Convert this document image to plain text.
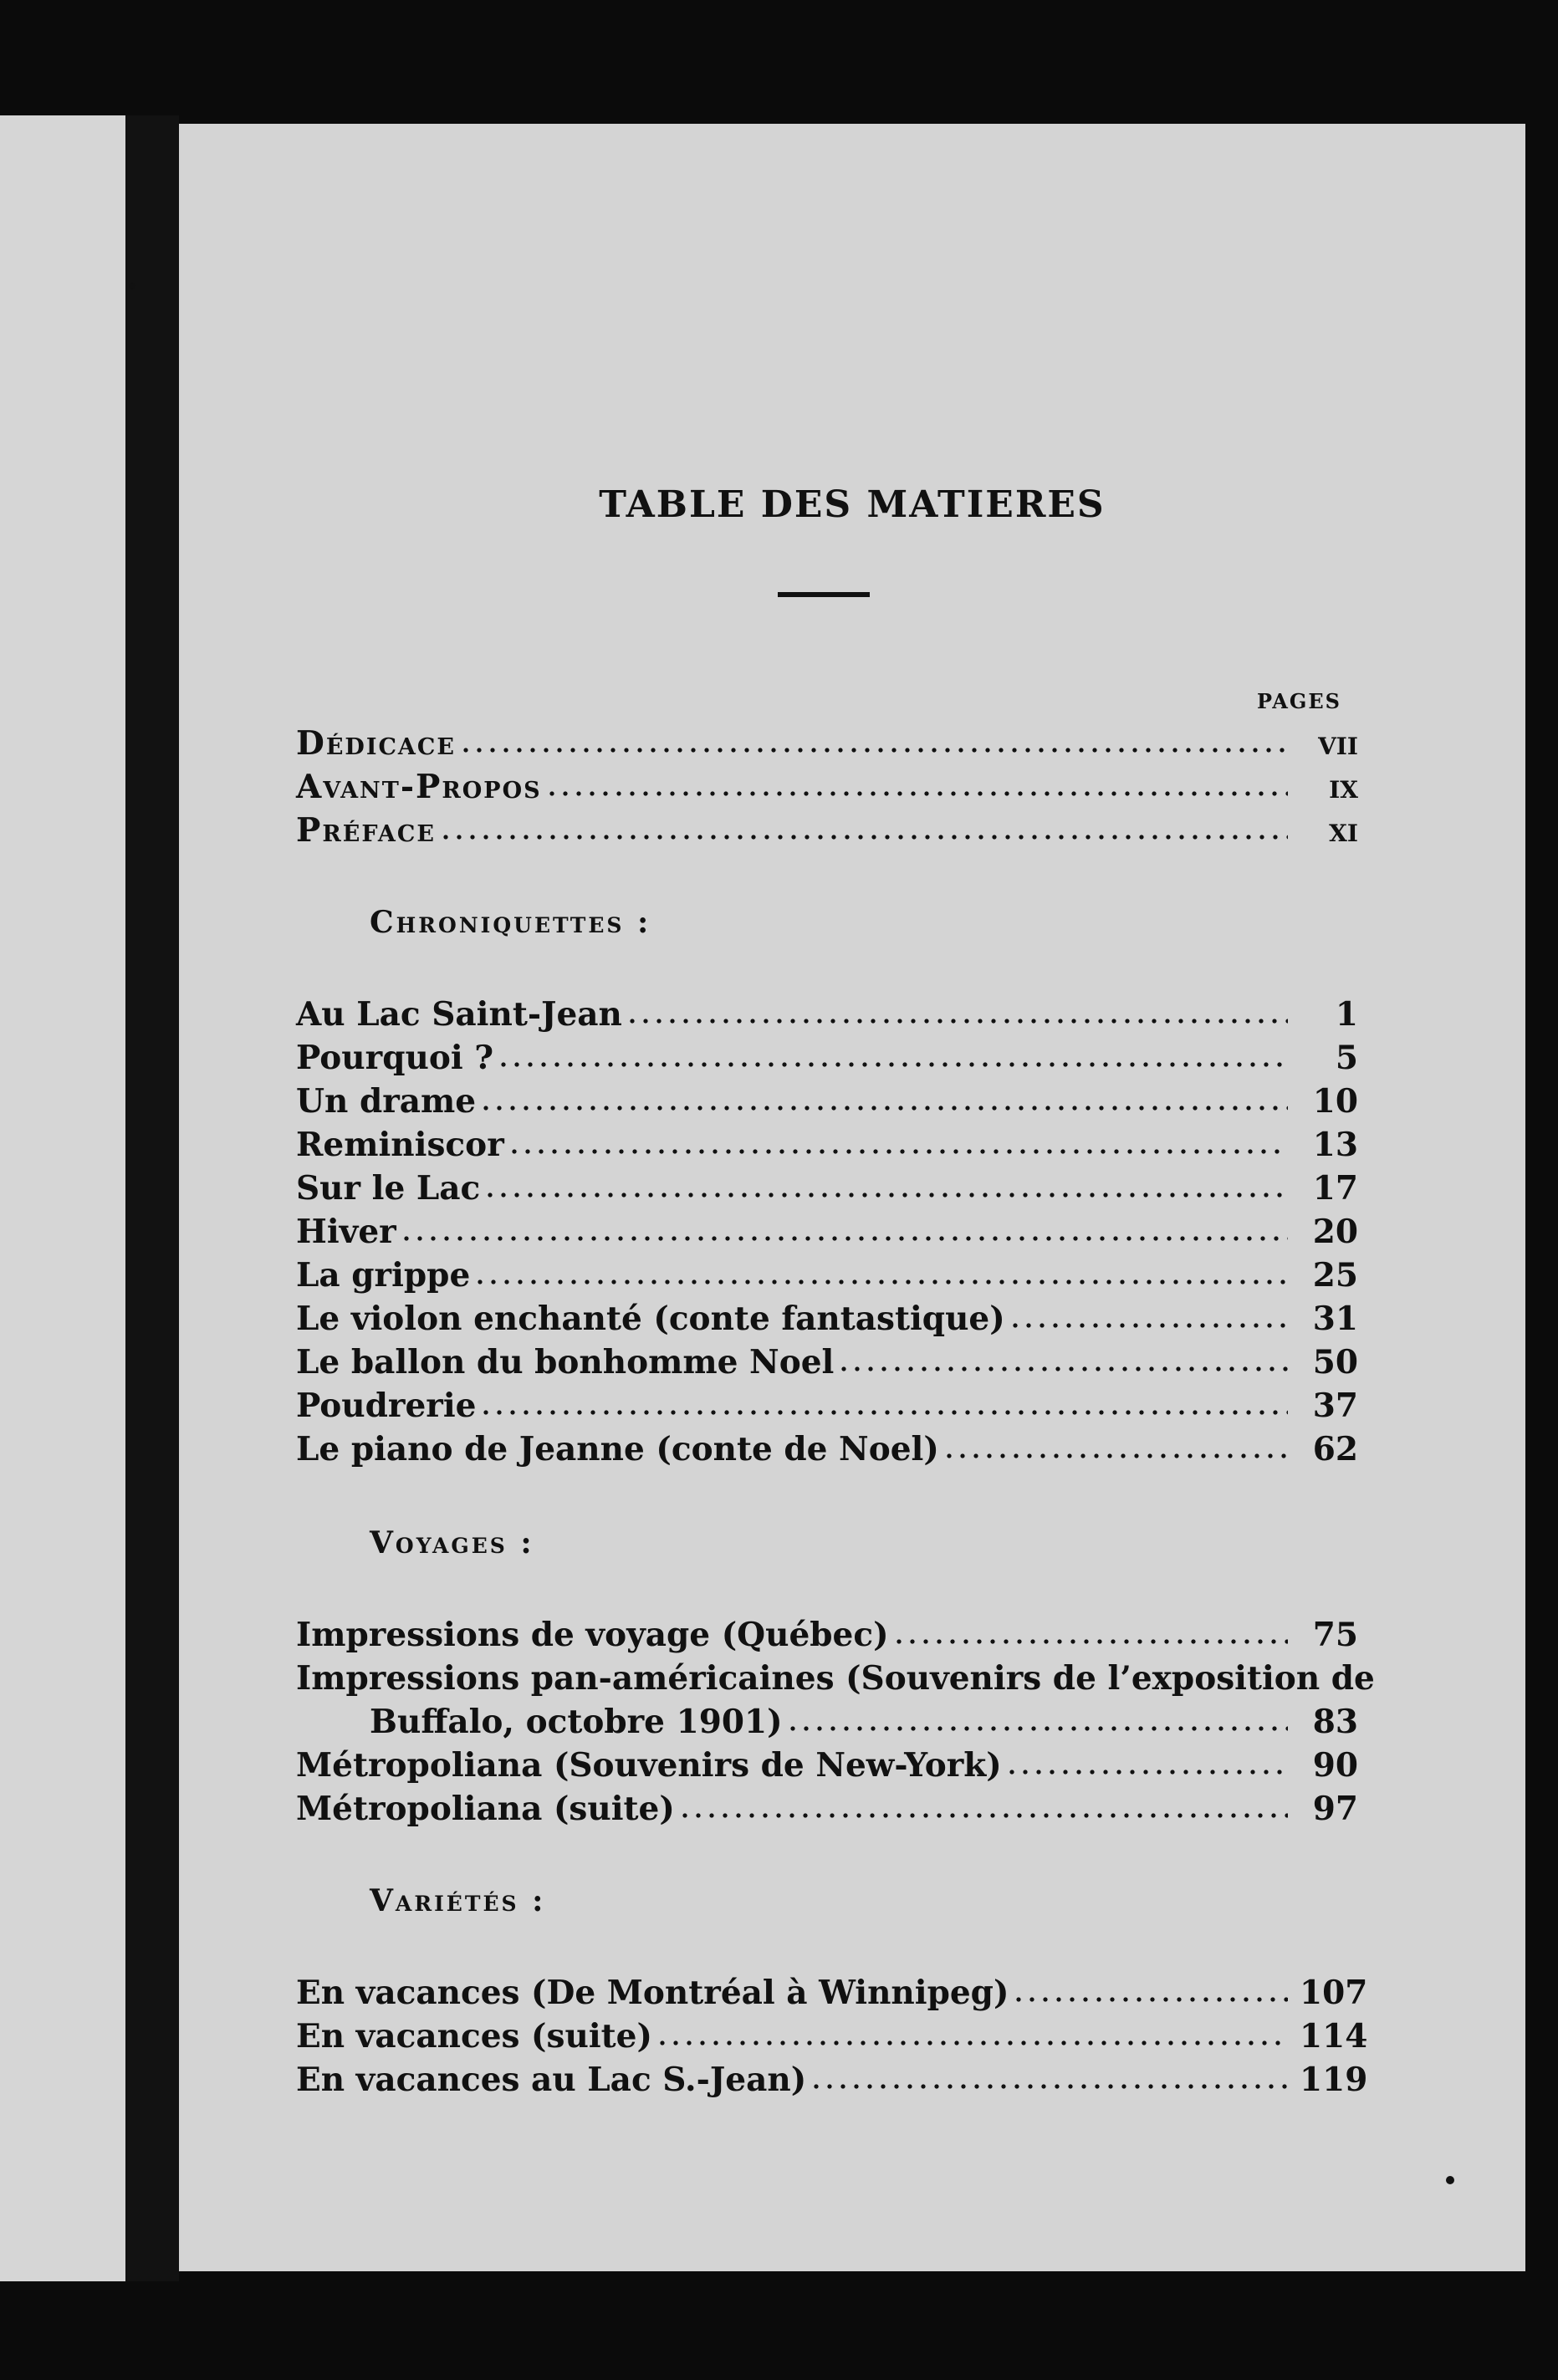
TABLE DES MATIERES
PAGES
Dédicace	VII
Avant-Propos	IX
Préface	XI
Chroniquettes :
Au Lac Saint-Jean	1
Pourquoi ?	5
Un drame	10
Reminiscor	13
Sur le Lac	17
Hiver	20
La grippe	25
Le violon enchanté (conte fantastique)	31
Le ballon du bonhomme Noel	50
Poudrerie	37
Le piano de Jeanne (conte de Noel)	62
Voyages :
Impressions de voyage (Québec)	75
Impressions pan-américaines (Souvenirs de l’exposition de
Buffalo, octobre 1901)	83
Métropoliana (Souvenirs de New-York)	90
Métropoliana (suite)	97
Variétés :
En vacances (De Montréal à Winnipeg)	107
En vacances (suite)	114
En vacances au Lac S.-Jean)	119
